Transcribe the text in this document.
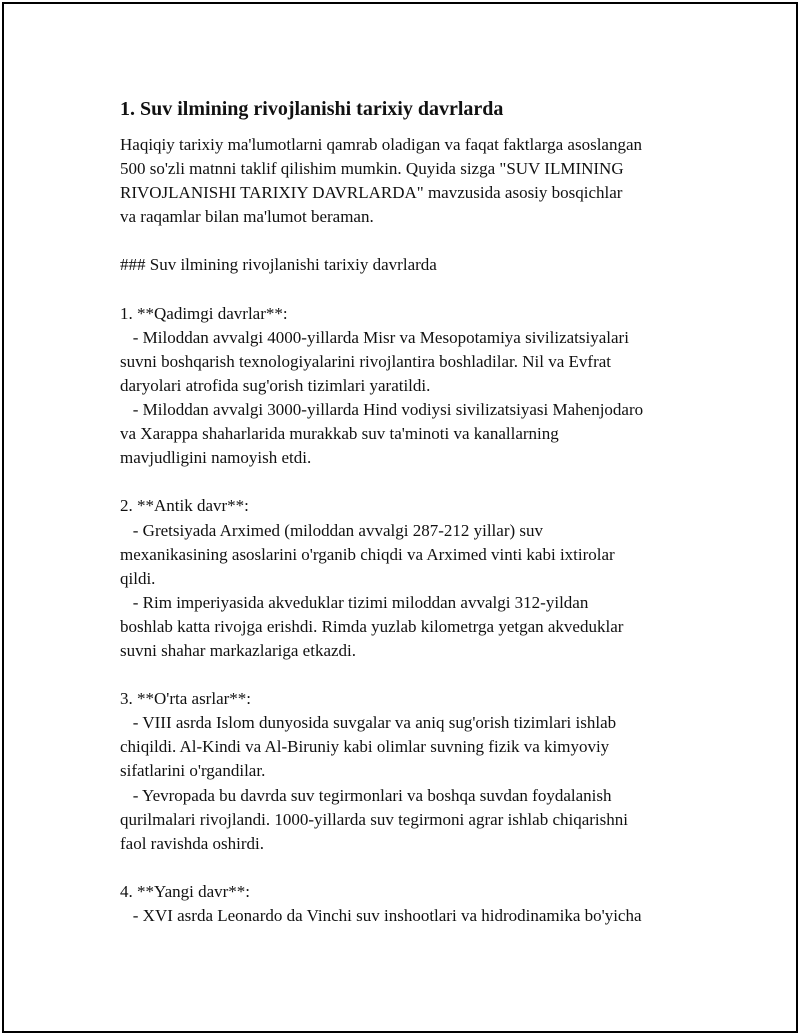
1. Suv ilmining rivojlanishi tarixiy davrlarda
Haqiqiy tarixiy ma'lumotlarni qamrab oladigan va faqat faktlarga asoslangan
500 so'zli matnni taklif qilishim mumkin. Quyida sizga "SUV ILMINING
RIVOJLANISHI TARIXIY DAVRLARDA" mavzusida asosiy bosqichlar
va raqamlar bilan ma'lumot beraman.
### Suv ilmining rivojlanishi tarixiy davrlarda
1. **Qadimgi davrlar**:
- Miloddan avvalgi 4000-yillarda Misr va Mesopotamiya sivilizatsiyalari
suvni boshqarish texnologiyalarini rivojlantira boshladilar. Nil va Evfrat
daryolari atrofida sug'orish tizimlari yaratildi.
- Miloddan avvalgi 3000-yillarda Hind vodiysi sivilizatsiyasi Mahenjodaro
va Xarappa shaharlarida murakkab suv ta'minoti va kanallarning
mavjudligini namoyish etdi.
2. **Antik davr**:
- Gretsiyada Arximed (miloddan avvalgi 287-212 yillar) suv
mexanikasining asoslarini o'rganib chiqdi va Arximed vinti kabi ixtirolar
qildi.
- Rim imperiyasida akveduklar tizimi miloddan avvalgi 312-yildan
boshlab katta rivojga erishdi. Rimda yuzlab kilometrga yetgan akveduklar
suvni shahar markazlariga etkazdi.
3. **O'rta asrlar**:
- VIII asrda Islom dunyosida suvgalar va aniq sug'orish tizimlari ishlab
chiqildi. Al-Kindi va Al-Biruniy kabi olimlar suvning fizik va kimyoviy
sifatlarini o'rgandilar.
- Yevropada bu davrda suv tegirmonlari va boshqa suvdan foydalanish
qurilmalari rivojlandi. 1000-yillarda suv tegirmoni agrar ishlab chiqarishni
faol ravishda oshirdi.
4. **Yangi davr**:
- XVI asrda Leonardo da Vinchi suv inshootlari va hidrodinamika bo'yicha
